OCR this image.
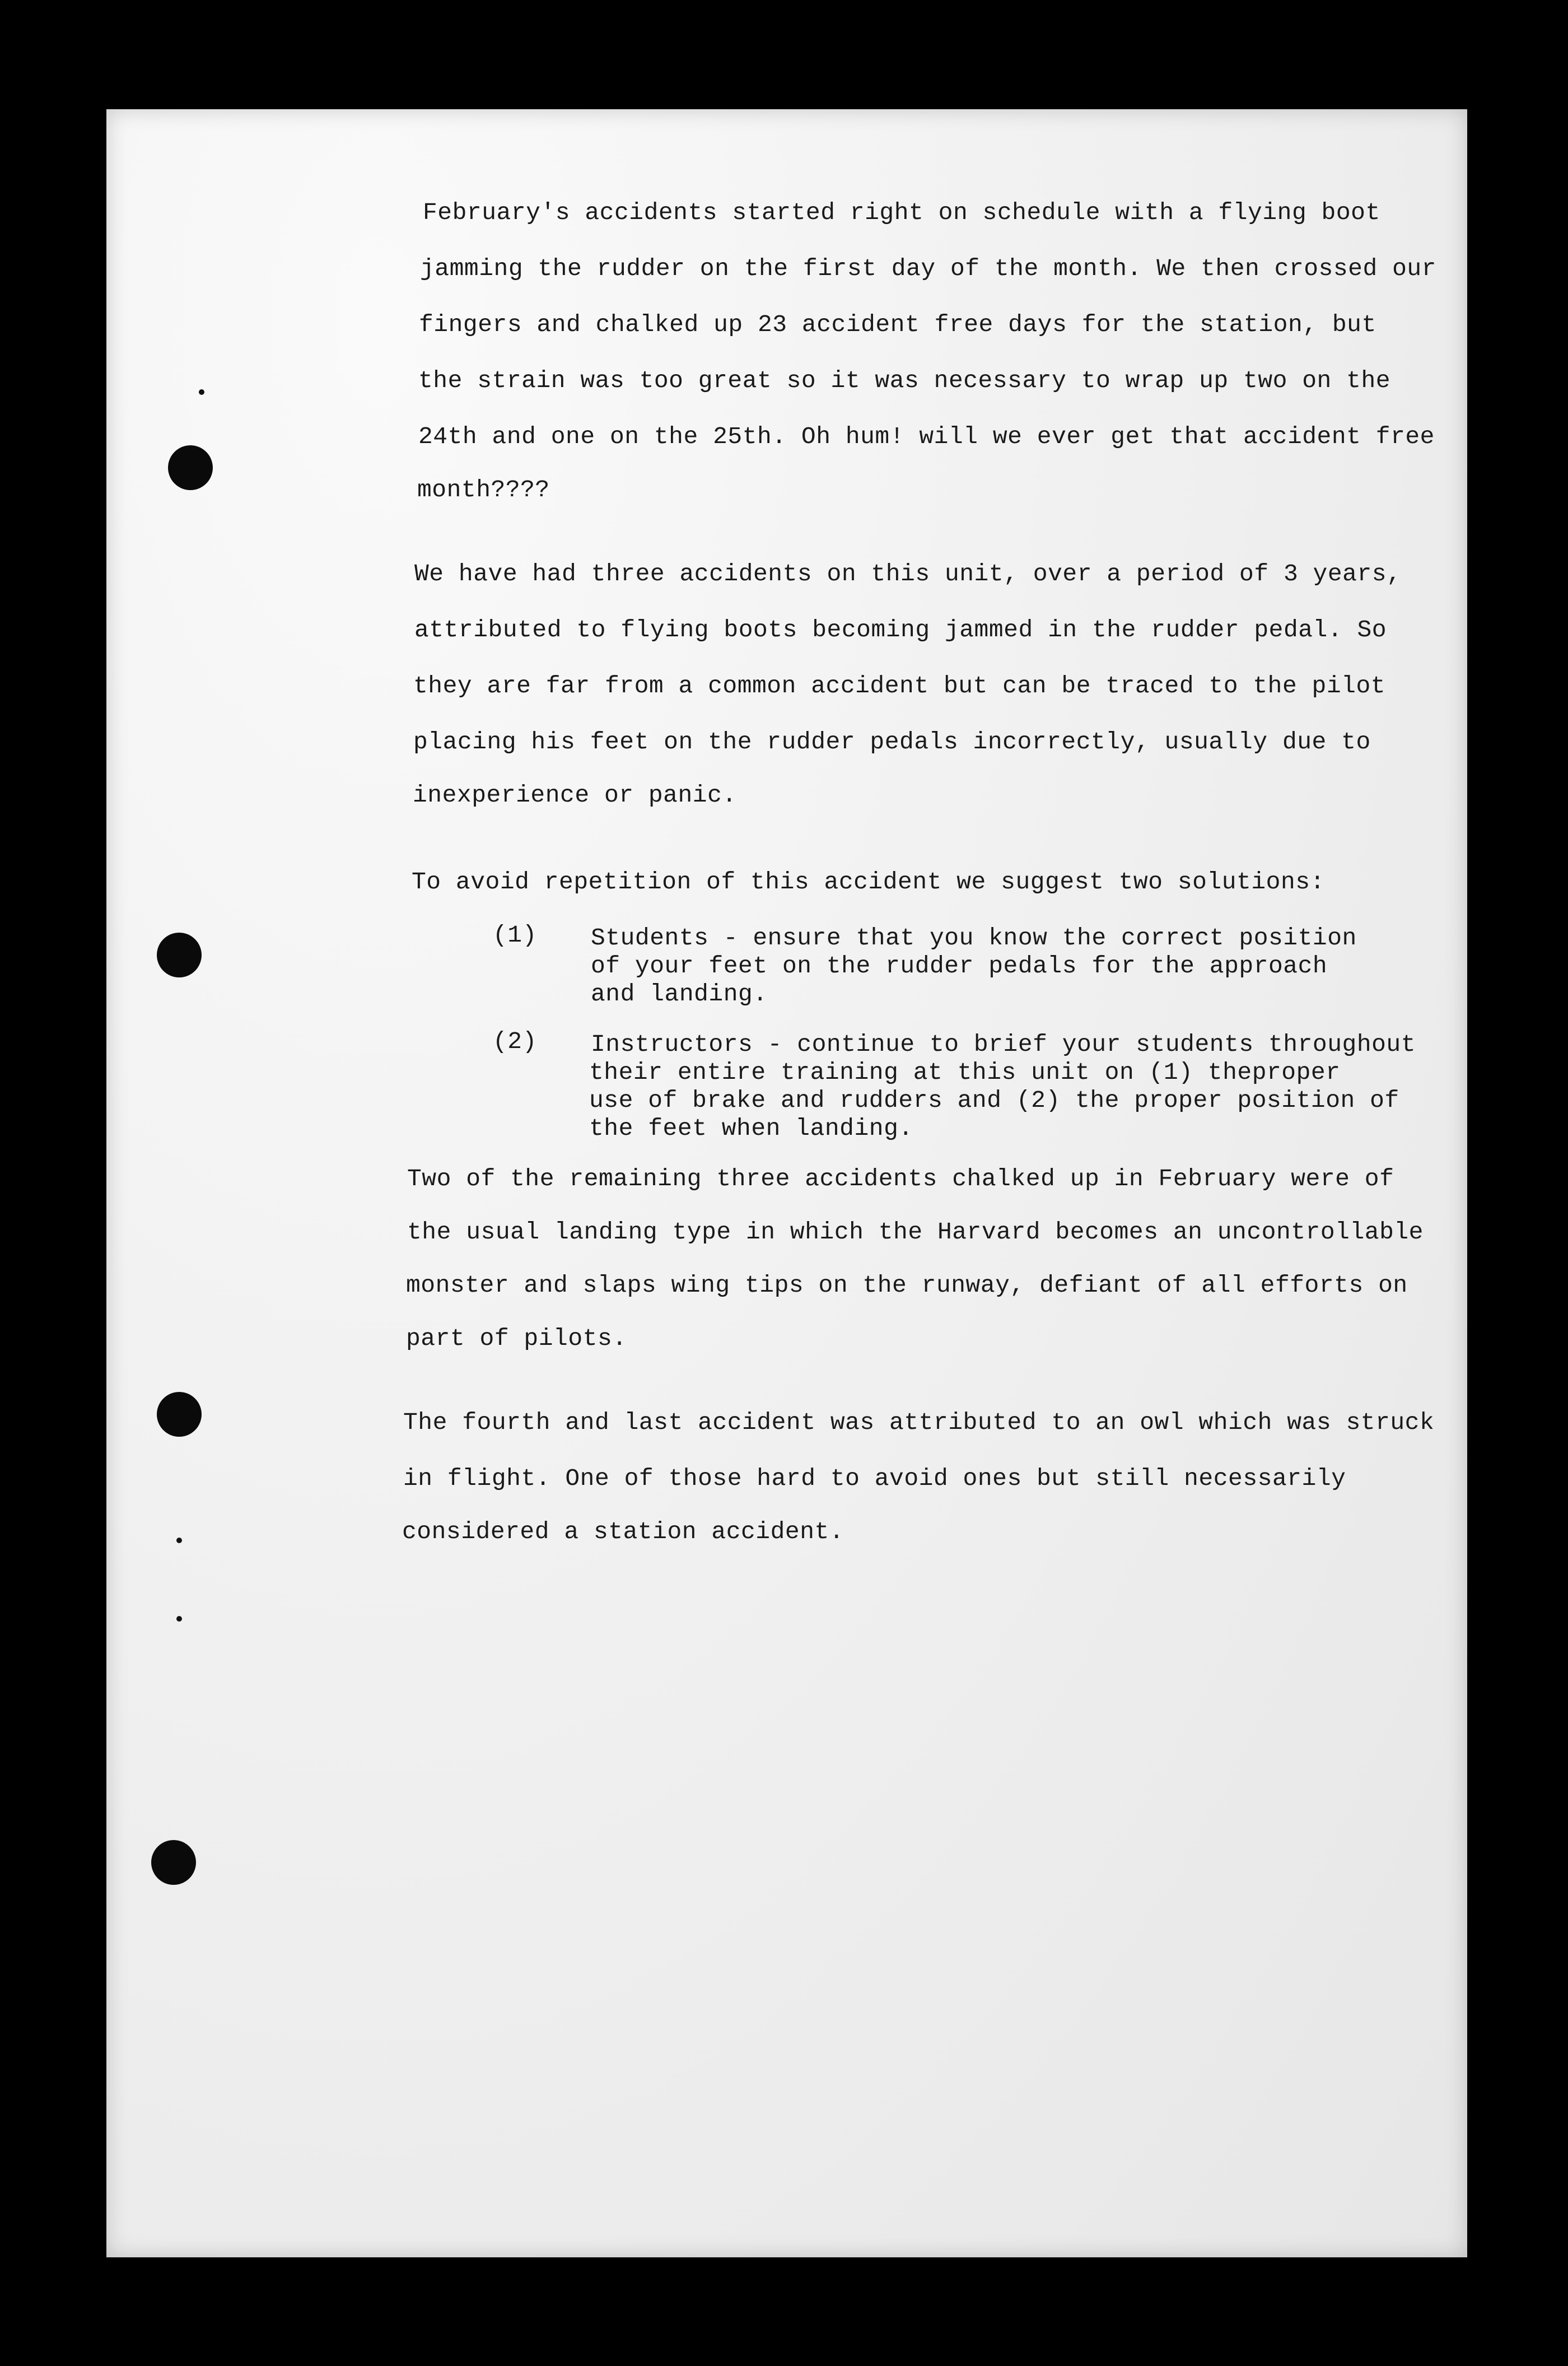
February's accidents started right on schedule with a flying boot
jamming the rudder on the first day of the month. We then crossed our
fingers and chalked up 23 accident free days for the station, but
the strain was too great so it was necessary to wrap up two on the
24th and one on the 25th. Oh hum! will we ever get that accident free
month????
We have had three accidents on this unit, over a period of 3 years,
attributed to flying boots becoming jammed in the rudder pedal. So
they are far from a common accident but can be traced to the pilot
placing his feet on the rudder pedals incorrectly, usually due to
inexperience or panic.
To avoid repetition of this accident we suggest two solutions:
(1) Students - ensure that you know the correct position
of your feet on the rudder pedals for the approach
and landing.
(2) Instructors - continue to brief your students throughout
their entire training at this unit on (1) theproper
use of brake and rudders and (2) the proper position of
the feet when landing.
Two of the remaining three accidents chalked up in February were of
the usual landing type in which the Harvard becomes an uncontrollable
monster and slaps wing tips on the runway, defiant of all efforts on
part of pilots.
The fourth and last accident was attributed to an owl which was struck
in flight. One of those hard to avoid ones but still necessarily
considered a station accident.
